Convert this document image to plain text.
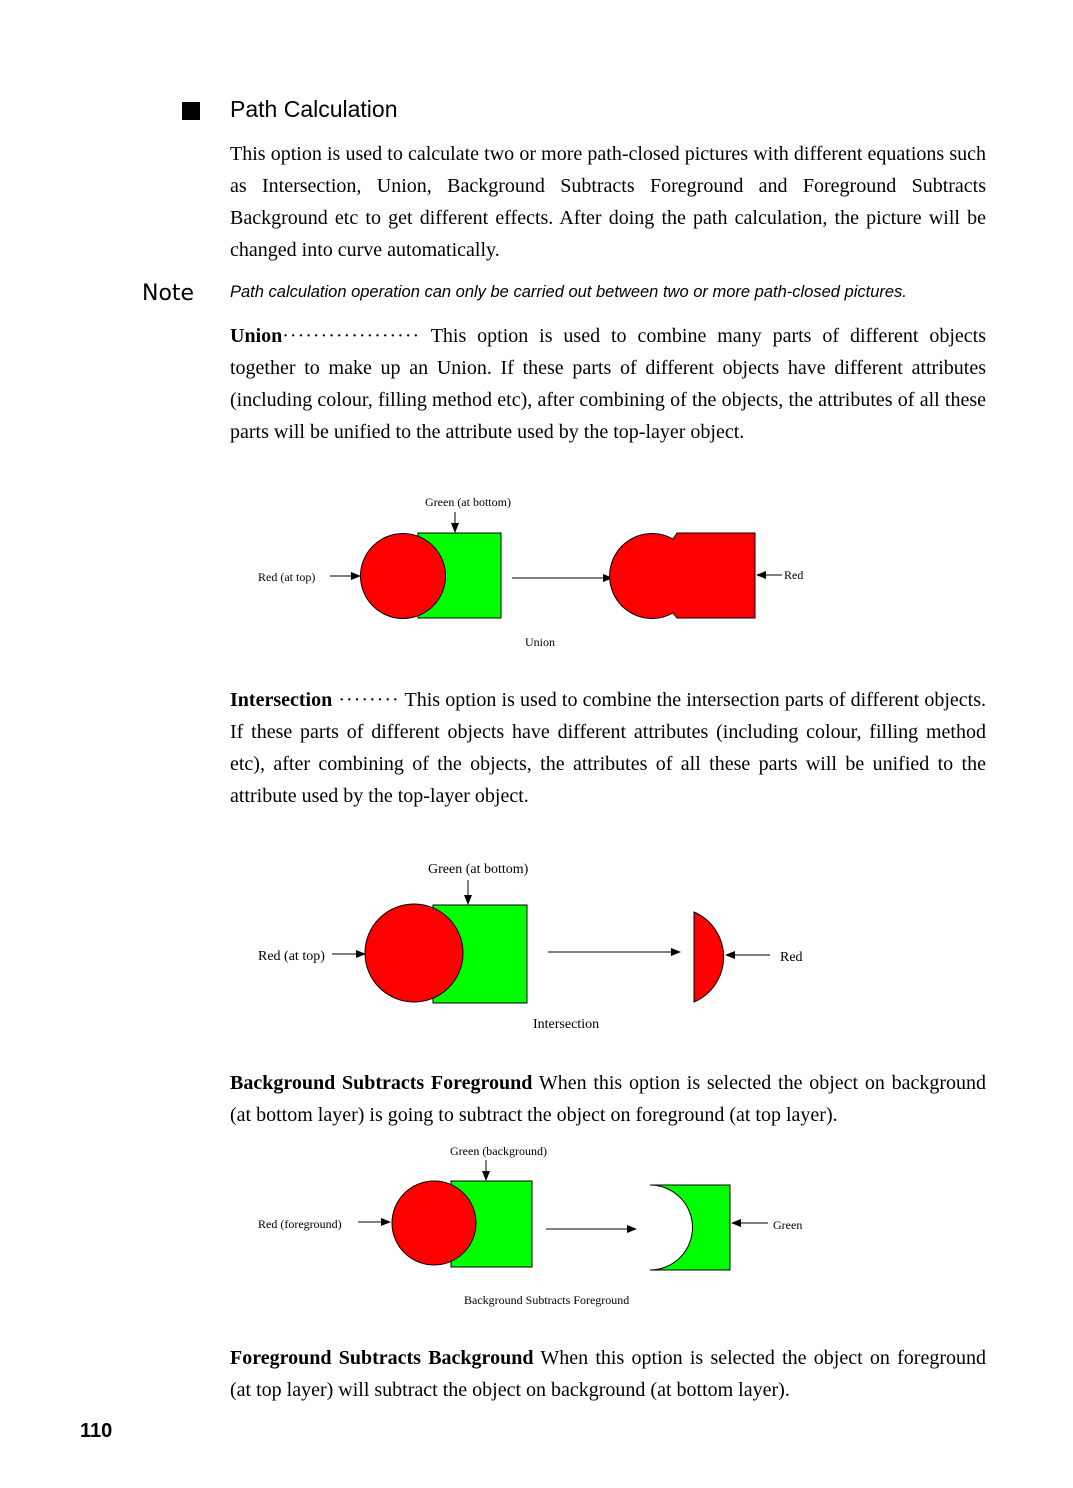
Path Calculation
This option is used to calculate two or more path-closed pictures with different equations such as Intersection, Union, Background Subtracts Foreground and Foreground Subtracts Background etc to get different effects. After doing the path calculation, the picture will be changed into curve automatically.
Note Path calculation operation can only be carried out between two or more path-closed pictures.
Union·················· This option is used to combine many parts of different objects together to make up an Union. If these parts of different objects have different attributes (including colour, filling method etc), after combining of the objects, the attributes of all these parts will be unified to the attribute used by the top-layer object.
Green (at bottom)
Red (at top)	Red
Union
Intersection ········ This option is used to combine the intersection parts of different objects. If these parts of different objects have different attributes (including colour, filling method etc), after combining of the objects, the attributes of all these parts will be unified to the attribute used by the top-layer object.
Green (at bottom)
Red (at top)	Red
Intersection
Background Subtracts Foreground When this option is selected the object on background (at bottom layer) is going to subtract the object on foreground (at top layer).
Green (background)
Red (foreground)	Green
Background Subtracts Foreground
Foreground Subtracts Background When this option is selected the object on foreground (at top layer) will subtract the object on background (at bottom layer).
110
